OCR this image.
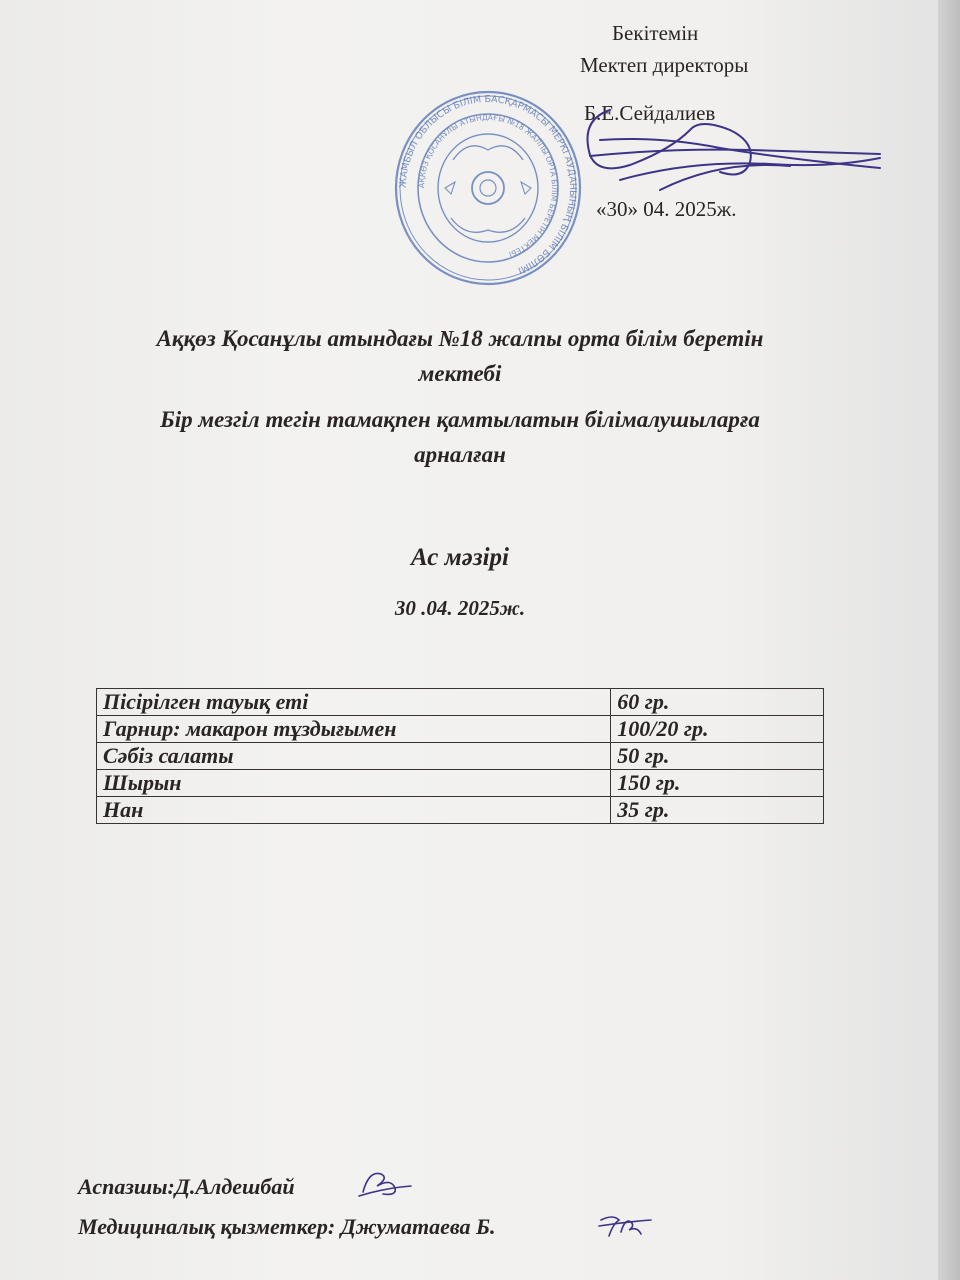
ЖАМБЫЛ ОБЛЫСЫ БІЛІМ БАСҚАРМАСЫ МЕРКІ АУДАНЫНЫҢ БІЛІМ БӨЛІМІ
АҚКӨЗ ҚОСАНҰЛЫ АТЫНДАҒЫ №18 ЖАЛПЫ ОРТА БІЛІМ БЕРЕТІН МЕКТЕБІ
Бекітемін
Мектеп директоры
Б.Е.Сейдалиев
«30» 04. 2025ж.
Аққөз Қосанұлы атындағы №18 жалпы орта білім беретін
мектебі
Бір мезгіл тегін тамақпен қамтылатын білімалушыларға
арналған
Ас мәзірі
30 .04. 2025ж.
Пісірілген тауық еті	60 гр.
Гарнир: макарон тұздығымен	100/20 гр.
Сәбіз салаты	50 гр.
Шырын	150 гр.
Нан	35 гр.
Аспазшы:Д.Алдешбай
Медициналық қызметкер: Джуматаева Б.
